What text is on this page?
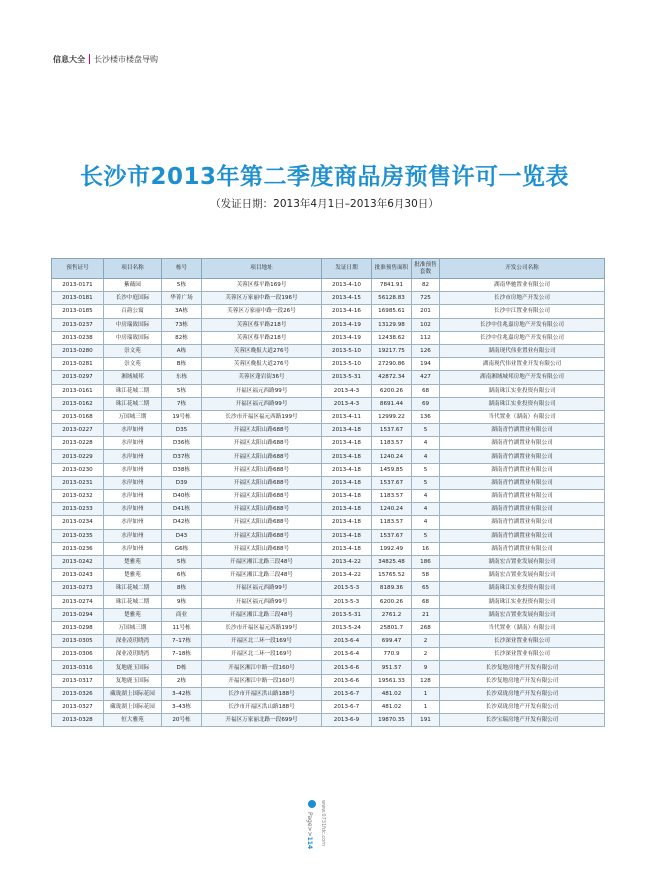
信息大全 长沙楼市楼盘导购
长沙市2013年第二季度商品房预售许可一览表
（发证日期：2013年4月1日–2013年6月30日）
预售证号	项目名称	栋号	项目地址	发证日期	批准预售面积	批准预售套数	开发公司名称
2013-0171	紫薇园	5栋	芙蓉区蔡平路169号	2013-4-10	7841.91	82	湖南华驰置业有限公司
2013-0181	长沙中庭国际	华菁广场	芙蓉区万家丽中路一段196号	2013-4-15	56128.83	725	长沙市房地产开发公司
2013-0185	百韵公寓	3A栋	芙蓉区万家丽中路一段26号	2013-4-16	16985.61	201	长沙中江置业有限公司
2013-0237	中房瑞致国际	73栋	芙蓉区蔡平路218号	2013-4-19	13129.98	102	长沙中住兆嘉房地产开发有限公司
2013-0238	中房瑞致国际	82栋	芙蓉区蔡平路218号	2013-4-19	12438.62	112	长沙中住兆嘉房地产开发有限公司
2013-0280	崇文苑	A栋	芙蓉区晚报大道276号	2013-5-10	19217.75	126	湖南现代伟业置业有限公司
2013-0281	崇文苑	B栋	芙蓉区晚报大道276号	2013-5-10	27290.86	194	湖南现代伟业置业开发有限公司
2013-0297	湘域城邦	东栋	芙蓉区蓬岩街36号	2013-5-31	42872.34	427	湖南湘域城邦房地产开发有限公司
2013-0161	珠江花城二期	5栋	开福区福元西路99号	2013-4-3	6200.26	68	湖南珠江实业投资有限公司
2013-0162	珠江花城二期	7栋	开福区福元西路99号	2013-4-3	8691.44	69	湖南珠江实业投资有限公司
2013-0168	万国城三期	19号栋	长沙市开福区福元西路199号	2013-4-11	12999.22	136	当代置业（湖南）有限公司
2013-0227	水岸如州	D35	开福区太阳山路688号	2013-4-18	1537.67	5	湖南青竹湖置业有限公司
2013-0228	水岸如州	D36栋	开福区太阳山路688号	2013-4-18	1183.57	4	湖南青竹湖置业有限公司
2013-0229	水岸如州	D37栋	开福区太阳山路688号	2013-4-18	1240.24	4	湖南青竹湖置业有限公司
2013-0230	水岸如州	D38栋	开福区太阳山路688号	2013-4-18	1459.85	5	湖南青竹湖置业有限公司
2013-0231	水岸如州	D39	开福区太阳山路688号	2013-4-18	1537.67	5	湖南青竹湖置业有限公司
2013-0232	水岸如州	D40栋	开福区太阳山路688号	2013-4-18	1183.57	4	湖南青竹湖置业有限公司
2013-0233	水岸如州	D41栋	开福区太阳山路688号	2013-4-18	1240.24	4	湖南青竹湖置业有限公司
2013-0234	水岸如州	D42栋	开福区太阳山路688号	2013-4-18	1183.57	4	湖南青竹湖置业有限公司
2013-0235	水岸如州	D43	开福区太阳山路688号	2013-4-18	1537.67	5	湖南青竹湖置业有限公司
2013-0236	水岸如州	G6栋	开福区太阳山路688号	2013-4-18	1992.49	16	湖南青竹湖置业有限公司
2013-0242	楚雅苑	5栋	开福区湘江北路三段48号	2013-4-22	34825.48	186	湖南宏吉置业发展有限公司
2013-0243	楚雅苑	6栋	开福区湘江北路三段48号	2013-4-22	15765.52	58	湖南宏吉置业发展有限公司
2013-0273	珠江花城二期	8栋	开福区福元西路99号	2013-5-3	8189.36	65	湖南珠江实业投资有限公司
2013-0274	珠江花城二期	9栋	开福区福元西路99号	2013-5-3	6200.26	68	湖南珠江实业投资有限公司
2013-0294	楚雅苑	商业	开福区湘江北路三段48号	2013-5-31	2761.2	21	湖南宏吉置业发展有限公司
2013-0298	万国城三期	11号栋	长沙市开福区福元西路199号	2013-5-24	25801.7	268	当代置业（湖南）有限公司
2013-0305	深业凌玥晓湾	7–17栋	开福区北二环一段169号	2013-6-4	699.47	2	长沙深业置业有限公司
2013-0306	深业凌玥晓湾	7–18栋	开福区北二环一段169号	2013-6-4	770.9	2	长沙深业置业有限公司
2013-0316	复地鹿玉国际	D栋	开福区湘江中路一段160号	2013-6-6	951.57	9	长沙复地房地产开发有限公司
2013-0317	复地鹿玉国际	2栋	开福区湘江中路一段160号	2013-6-6	19561.33	128	长沙复地房地产开发有限公司
2013-0326	藏珑湖上国际花园	3–42栋	长沙市开福区洪山路188号	2013-6-7	481.02	1	长沙双珑房地产开发有限公司
2013-0327	藏珑湖上国际花园	3–43栋	长沙市开福区洪山路188号	2013-6-7	481.02	1	长沙双珑房地产开发有限公司
2013-0328	恒大雅苑	20号栋	开福区万家丽北路一段699号	2013-6-9	19870.35	191	长沙宝瑞房地产开发有限公司
Page>>114 www.0731fdc.com
